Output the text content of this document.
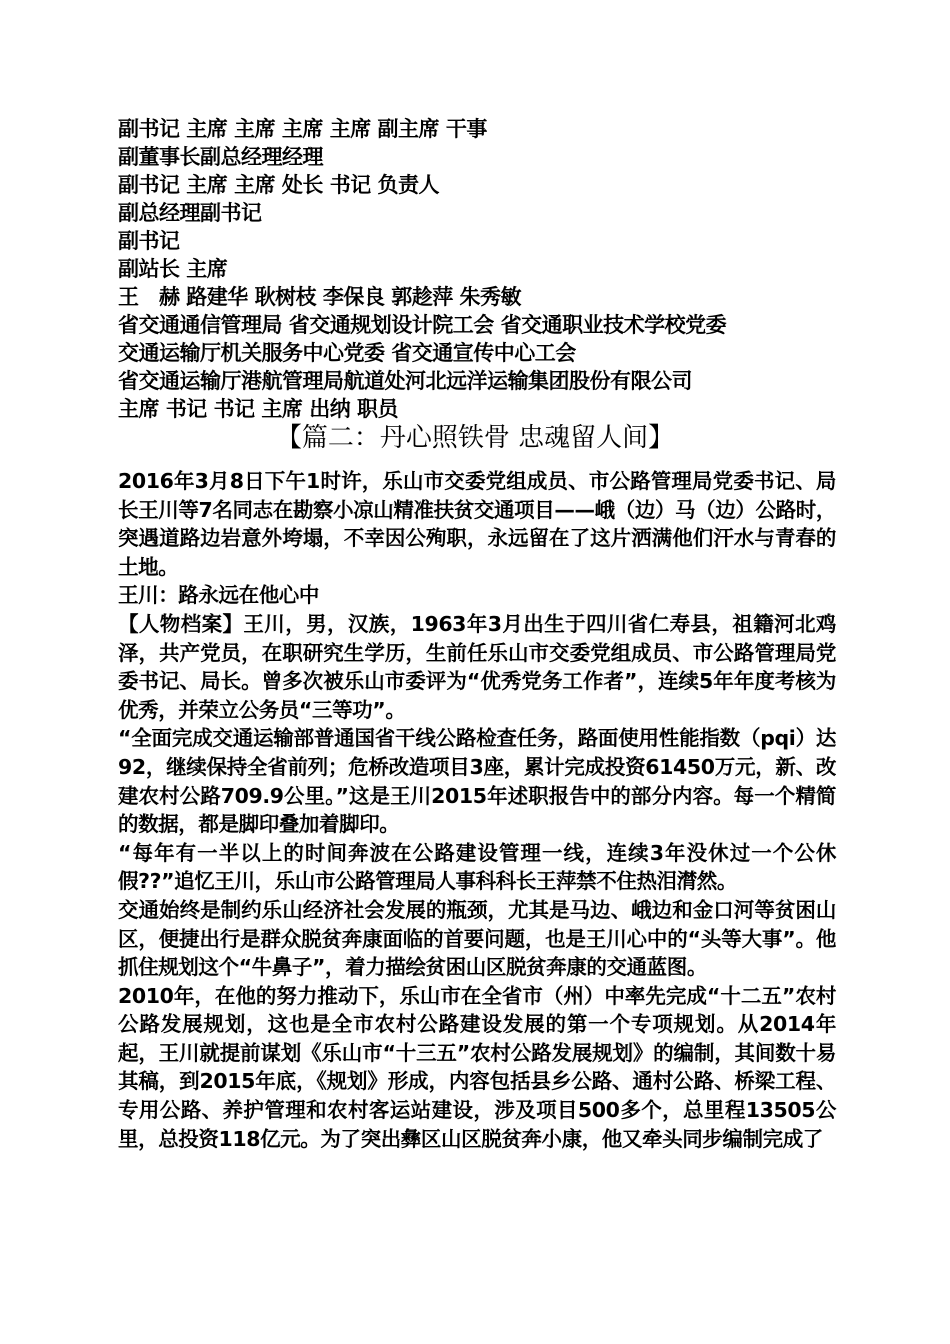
副书记 主席 主席 主席 主席 副主席 干事
副董事长副总经理经理
副书记 主席 主席 处长 书记 负责人
副总经理副书记
副书记
副站长 主席
王　赫 路建华 耿树枝 李保良 郭趁萍 朱秀敏
省交通通信管理局 省交通规划设计院工会 省交通职业技术学校党委
交通运输厅机关服务中心党委 省交通宣传中心工会
省交通运输厅港航管理局航道处河北远洋运输集团股份有限公司
主席 书记 书记 主席 出纳 职员
【篇二：丹心照铁骨 忠魂留人间】

2016年3月8日下午1时许，乐山市交委党组成员、市公路管理局党委书记、局长王川等7名同志在勘察小凉山精准扶贫交通项目——峨（边）马（边）公路时，突遇道路边岩意外垮塌，不幸因公殉职，永远留在了这片洒满他们汗水与青春的土地。

王川：路永远在他心中

【人物档案】王川，男，汉族，1963年3月出生于四川省仁寿县，祖籍河北鸡泽，共产党员，在职研究生学历，生前任乐山市交委党组成员、市公路管理局党委书记、局长。曾多次被乐山市委评为“优秀党务工作者”，连续5年年度考核为优秀，并荣立公务员“三等功”。

“全面完成交通运输部普通国省干线公路检查任务，路面使用性能指数（pqi）达92，继续保持全省前列；危桥改造项目3座，累计完成投资61450万元，新、改建农村公路709.9公里。”这是王川2015年述职报告中的部分内容。每一个精简的数据，都是脚印叠加着脚印。

“每年有一半以上的时间奔波在公路建设管理一线，连续3年没休过一个公休假??”追忆王川，乐山市公路管理局人事科科长王萍禁不住热泪潸然。

交通始终是制约乐山经济社会发展的瓶颈，尤其是马边、峨边和金口河等贫困山区，便捷出行是群众脱贫奔康面临的首要问题，也是王川心中的“头等大事”。他抓住规划这个“牛鼻子”，着力描绘贫困山区脱贫奔康的交通蓝图。

2010年，在他的努力推动下，乐山市在全省市（州）中率先完成“十二五”农村公路发展规划，这也是全市农村公路建设发展的第一个专项规划。从2014年起，王川就提前谋划《乐山市“十三五”农村公路发展规划》的编制，其间数十易其稿，到2015年底，《规划》形成，内容包括县乡公路、通村公路、桥梁工程、专用公路、养护管理和农村客运站建设，涉及项目500多个，总里程13505公里，总投资118亿元。为了突出彝区山区脱贫奔小康，他又牵头同步编制完成了
